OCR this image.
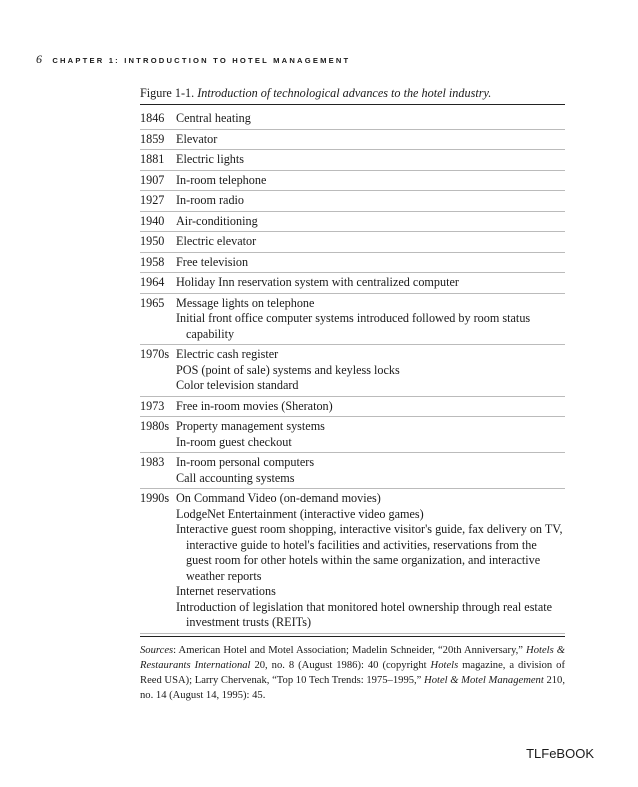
6 CHAPTER 1: INTRODUCTION TO HOTEL MANAGEMENT
Figure 1-1. Introduction of technological advances to the hotel industry.
1846 Central heating
1859 Elevator
1881 Electric lights
1907 In-room telephone
1927 In-room radio
1940 Air-conditioning
1950 Electric elevator
1958 Free television
1964 Holiday Inn reservation system with centralized computer
1965 Message lights on telephone
Initial front office computer systems introduced followed by room status capability
1970s Electric cash register
POS (point of sale) systems and keyless locks
Color television standard
1973 Free in-room movies (Sheraton)
1980s Property management systems
In-room guest checkout
1983 In-room personal computers
Call accounting systems
1990s On Command Video (on-demand movies)
LodgeNet Entertainment (interactive video games)
Interactive guest room shopping, interactive visitor's guide, fax delivery on TV, interactive guide to hotel's facilities and activities, reservations from the guest room for other hotels within the same organization, and interactive weather reports
Internet reservations
Introduction of legislation that monitored hotel ownership through real estate investment trusts (REITs)
Sources: American Hotel and Motel Association; Madelin Schneider, “20th Anniversary,” Hotels & Restaurants International 20, no. 8 (August 1986): 40 (copyright Hotels magazine, a division of Reed USA); Larry Chervenak, “Top 10 Tech Trends: 1975–1995,” Hotel & Motel Management 210, no. 14 (August 14, 1995): 45.
TLFeBOOK
